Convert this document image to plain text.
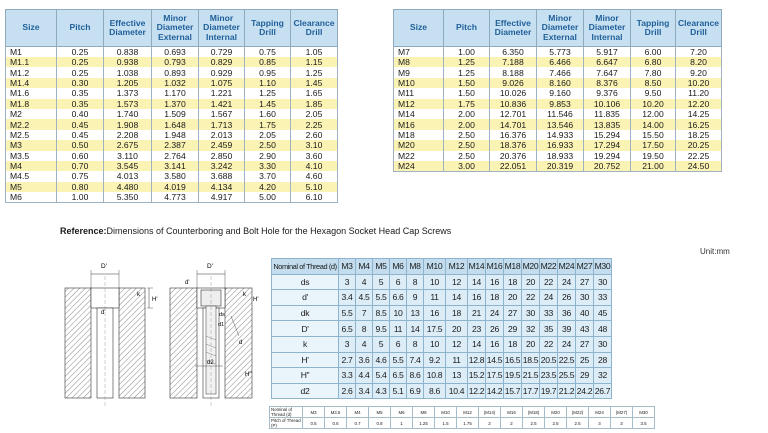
Size	Pitch	Effective Diameter	Minor Diameter External	Minor Diameter Internal	Tapping Drill	Clearance Drill
M1	0.25	0.838	0.693	0.729	0.75	1.05
M1.1	0.25	0.938	0.793	0.829	0.85	1.15
M1.2	0.25	1.038	0.893	0.929	0.95	1.25
M1.4	0.30	1.205	1.032	1.075	1.10	1.45
M1.6	0.35	1.373	1.170	1.221	1.25	1.65
M1.8	0.35	1.573	1.370	1.421	1.45	1.85
M2	0.40	1.740	1.509	1.567	1.60	2.05
M2.2	0.45	1.908	1.648	1.713	1.75	2.25
M2.5	0.45	2.208	1.948	2.013	2.05	2.60
M3	0.50	2.675	2.387	2.459	2.50	3.10
M3.5	0.60	3.110	2.764	2.850	2.90	3.60
M4	0.70	3.545	3.141	3.242	3.30	4.10
M4.5	0.75	4.013	3.580	3.688	3.70	4.60
M5	0.80	4.480	4.019	4.134	4.20	5.10
M6	1.00	5.350	4.773	4.917	5.00	6.10
Size	Pitch	Effective Diameter	Minor Diameter External	Minor Diameter Internal	Tapping Drill	Clearance Drill
M7	1.00	6.350	5.773	5.917	6.00	7.20
M8	1.25	7.188	6.466	6.647	6.80	8.20
M9	1.25	8.188	7.466	7.647	7.80	9.20
M10	1.50	9.026	8.160	8.376	8.50	10.20
M11	1.50	10.026	9.160	9.376	9.50	11.20
M12	1.75	10.836	9.853	10.106	10.20	12.20
M14	2.00	12.701	11.546	11.835	12.00	14.25
M16	2.00	14.701	13.546	13.835	14.00	16.25
M18	2.50	16.376	14.933	15.294	15.50	18.25
M20	2.50	18.376	16.933	17.294	17.50	20.25
M22	2.50	20.376	18.933	19.294	19.50	22.25
M24	3.00	22.051	20.319	20.752	21.00	24.50
Reference:Dimensions of Counterboring and Bolt Hole for the Hexagon Socket Head Cap Screws
Unit:mm
D'
d'
k
H'
D'
d'
k
H'
d
d1
ds
d2
H''
Nominal of Thread (d)	M3	M4	M5	M6	M8	M10	M12	M14	M16	M18	M20	M22	M24	M27	M30
ds	3	4	5	6	8	10	12	14	16	18	20	22	24	27	30
d'	3.4	4.5	5.5	6.6	9	11	14	16	18	20	22	24	26	30	33
dk	5.5	7	8.5	10	13	16	18	21	24	27	30	33	36	40	45
D'	6.5	8	9.5	11	14	17.5	20	23	26	29	32	35	39	43	48
k	3	4	5	6	8	10	12	14	16	18	20	22	24	27	30
H'	2.7	3.6	4.6	5.5	7.4	9.2	11	12.8	14.5	16.5	18.5	20.5	22.5	25	28
H''	3.3	4.4	5.4	6.5	8.6	10.8	13	15.2	17.5	19.5	21.5	23.5	25.5	29	32
d2	2.6	3.4	4.3	5.1	6.9	8.6	10.4	12.2	14.2	15.7	17.7	19.7	21.2	24.2	26.7
Nominal of Thread (d)	M3	M3.5	M4	M5	M6	M8	M10	M12	(M14)	M16	(M18)	M20	(M22)	M24	(M27)	M30
Pitch of Thread (P)	0.5	0.6	0.7	0.8	1	1.25	1.5	1.75	2	2	2.5	2.5	2.5	3	3	3.5
